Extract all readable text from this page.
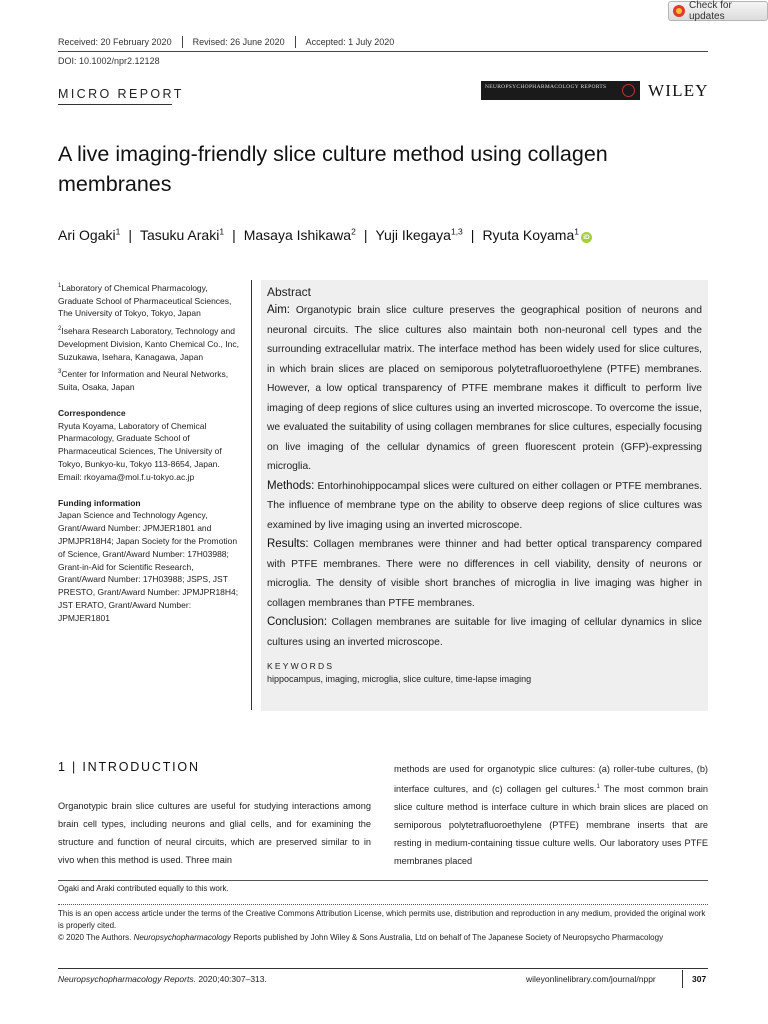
Check for updates
Received: 20 February 2020	Revised: 26 June 2020	Accepted: 1 July 2020
DOI: 10.1002/npr2.12128
MICRO REPORT	NEUROPSYCHOPHARMACOLOGY REPORTS	WILEY
A live imaging-friendly slice culture method using collagen membranes
Ari Ogaki$^1$ | Tasuku Araki$^1$ | Masaya Ishikawa$^2$ | Yuji Ikegaya$^{1,3}$ | Ryuta Koyama$^1$iD
$^1$Laboratory of Chemical Pharmacology, Graduate School of Pharmaceutical Sciences, The University of Tokyo, Tokyo, Japan
$^2$Isehara Research Laboratory, Technology and Development Division, Kanto Chemical Co., Inc, Suzukawa, Isehara, Kanagawa, Japan
$^3$Center for Information and Neural Networks, Suita, Osaka, Japan
Correspondence
Ryuta Koyama, Laboratory of Chemical Pharmacology, Graduate School of Pharmaceutical Sciences, The University of Tokyo, Bunkyo-ku, Tokyo 113-8654, Japan. Email: rkoyama@mol.f.u-tokyo.ac.jp
Funding information
Japan Science and Technology Agency, Grant/Award Number: JPMJER1801 and JPMJPR18H4; Japan Society for the Promotion of Science, Grant/Award Number: 17H03988; Grant-in-Aid for Scientific Research, Grant/Award Number: 17H03988; JSPS, JST PRESTO, Grant/Award Number: JPMJPR18H4; JST ERATO, Grant/Award Number: JPMJER1801
Abstract
Aim: Organotypic brain slice culture preserves the geographical position of neurons and neuronal circuits. The slice cultures also maintain both non-neuronal cell types and the surrounding extracellular matrix. The interface method has been widely used for slice cultures, in which brain slices are placed on semiporous polytetrafluoroethylene (PTFE) membranes. However, a low optical transparency of PTFE membrane makes it difficult to perform live imaging of deep regions of slice cultures using an inverted microscope. To overcome the issue, we evaluated the suitability of using collagen membranes for slice cultures, especially focusing on live imaging of the cellular dynamics of green fluorescent protein (GFP)-expressing microglia.
Methods: Entorhinohippocampal slices were cultured on either collagen or PTFE membranes. The influence of membrane type on the ability to observe deep regions of slice cultures was examined by live imaging using an inverted microscope.
Results: Collagen membranes were thinner and had better optical transparency compared with PTFE membranes. There were no differences in cell viability, density of neurons or microglia. The density of visible short branches of microglia in live imaging was higher in collagen membranes than PTFE membranes.
Conclusion: Collagen membranes are suitable for live imaging of cellular dynamics in slice cultures using an inverted microscope.
KEYWORDS
hippocampus, imaging, microglia, slice culture, time-lapse imaging
1 | INTRODUCTION

Organotypic brain slice cultures are useful for studying interactions among brain cell types, including neurons and glial cells, and for examining the structure and function of neural circuits, which are preserved similar to in vivo when this method is used. Three main

methods are used for organotypic slice cultures: (a) roller-tube cultures, (b) interface cultures, and (c) collagen gel cultures.$^1$ The most common brain slice culture method is interface culture in which brain slices are placed on semiporous polytetrafluoroethylene (PTFE) membrane inserts that are resting in medium-containing tissue culture wells. Our laboratory uses PTFE membranes placed

Ogaki and Araki contributed equally to this work.
This is an open access article under the terms of the Creative Commons Attribution License, which permits use, distribution and reproduction in any medium, provided the original work is properly cited.
© 2020 The Authors. Neuropsychopharmacology Reports published by John Wiley & Sons Australia, Ltd on behalf of The Japanese Society of Neuropsycho Pharmacology
Neuropsychopharmacology Reports. 2020;40:307–313.	wileyonlinelibrary.com/journal/nppr	307
